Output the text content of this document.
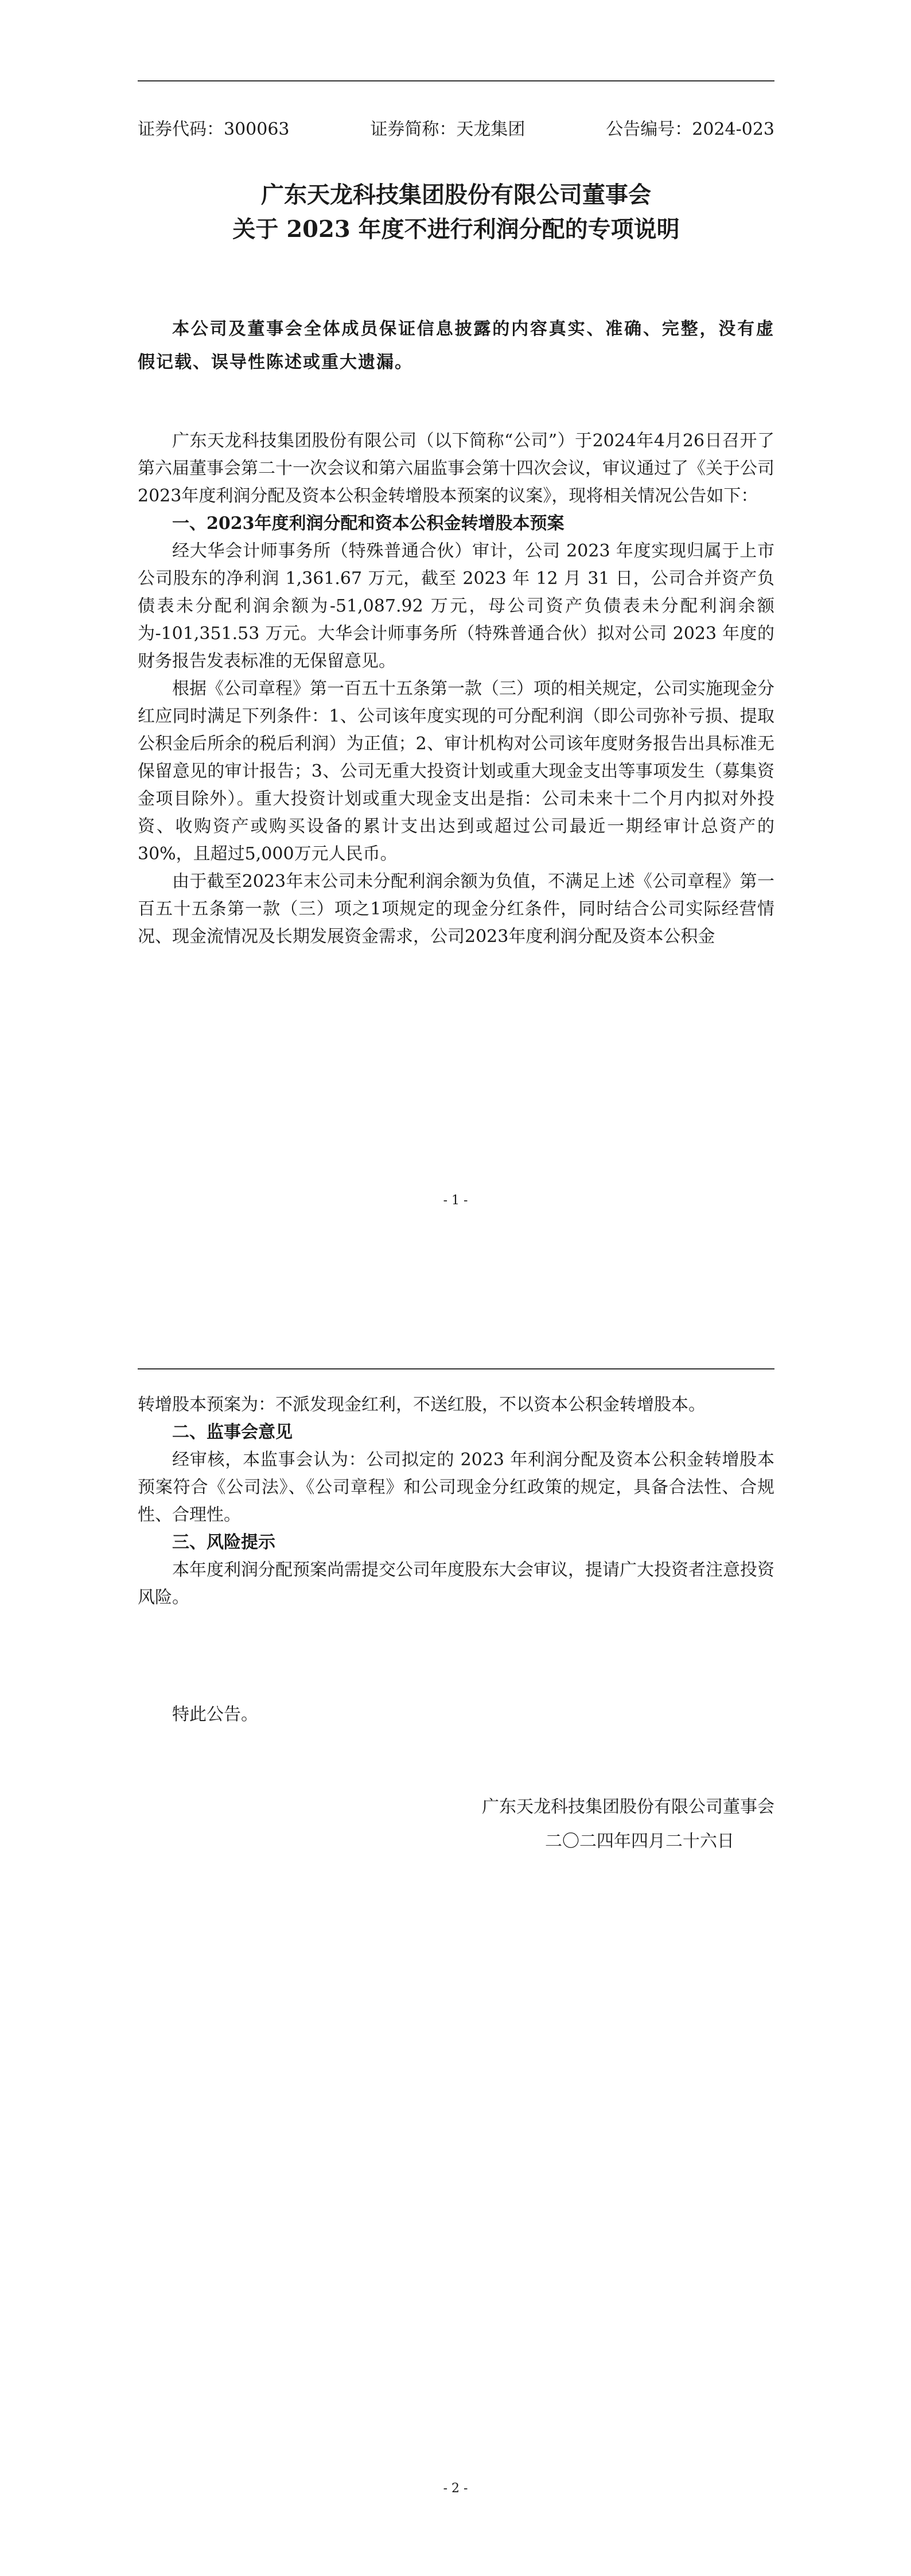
证券代码：300063	证券简称：天龙集团	公告编号：2024-023
广东天龙科技集团股份有限公司董事会
关于 2023 年度不进行利润分配的专项说明

本公司及董事会全体成员保证信息披露的内容真实、准确、完整，没有虚假记载、误导性陈述或重大遗漏。

广东天龙科技集团股份有限公司（以下简称“公司”）于2024年4月26日召开了第六届董事会第二十一次会议和第六届监事会第十四次会议，审议通过了《关于公司2023年度利润分配及资本公积金转增股本预案的议案》，现将相关情况公告如下：

一、2023年度利润分配和资本公积金转增股本预案

经大华会计师事务所（特殊普通合伙）审计，公司 2023 年度实现归属于上市公司股东的净利润 1,361.67 万元，截至 2023 年 12 月 31 日，公司合并资产负债表未分配利润余额为-51,087.92 万元，母公司资产负债表未分配利润余额为-101,351.53 万元。大华会计师事务所（特殊普通合伙）拟对公司 2023 年度的财务报告发表标准的无保留意见。

根据《公司章程》第一百五十五条第一款（三）项的相关规定，公司实施现金分红应同时满足下列条件：1、公司该年度实现的可分配利润（即公司弥补亏损、提取公积金后所余的税后利润）为正值；2、审计机构对公司该年度财务报告出具标准无保留意见的审计报告；3、公司无重大投资计划或重大现金支出等事项发生（募集资金项目除外）。重大投资计划或重大现金支出是指：公司未来十二个月内拟对外投资、收购资产或购买设备的累计支出达到或超过公司最近一期经审计总资产的30%，且超过5,000万元人民币。

由于截至2023年末公司未分配利润余额为负值，不满足上述《公司章程》第一百五十五条第一款（三）项之1项规定的现金分红条件，同时结合公司实际经营情况、现金流情况及长期发展资金需求，公司2023年度利润分配及资本公积金

- 1 -

转增股本预案为：不派发现金红利，不送红股，不以资本公积金转增股本。

二、监事会意见

经审核，本监事会认为：公司拟定的 2023 年利润分配及资本公积金转增股本预案符合《公司法》、《公司章程》和公司现金分红政策的规定，具备合法性、合规性、合理性。

三、风险提示

本年度利润分配预案尚需提交公司年度股东大会审议，提请广大投资者注意投资风险。

特此公告。

广东天龙科技集团股份有限公司董事会
二〇二四年四月二十六日
- 2 -
